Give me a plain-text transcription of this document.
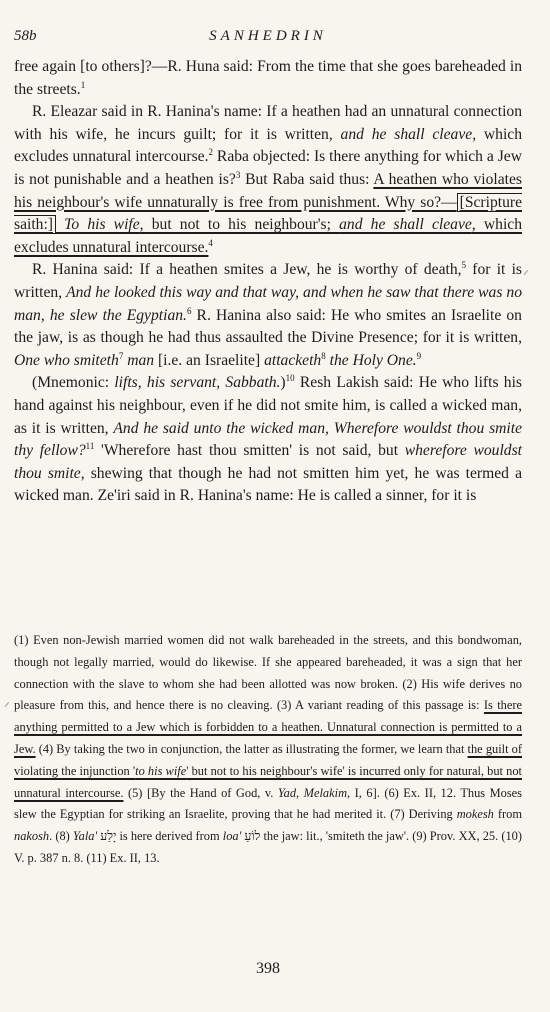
58b	SANHEDRIN

free again [to others]?—R. Huna said: From the time that she goes bareheaded in the streets.$^1$

R. Eleazar said in R. Hanina's name: If a heathen had an unnatural connection with his wife, he incurs guilt; for it is written, and he shall cleave, which excludes unnatural intercourse.$^2$ Raba objected: Is there anything for which a Jew is not punishable and a heathen is?$^3$ But Raba said thus: A heathen who violates his neighbour's wife unnaturally is free from punishment. Why so?— [Scripture saith:] To his wife, but not to his neighbour's; and he shall cleave, which excludes unnatural intercourse.$^4$

R. Hanina said: If a heathen smites a Jew, he is worthy of death,$^5$ for it is written, And he looked this way and that way, and when he saw that there was no man, he slew the Egyptian.$^6$ R. Hanina also said: He who smites an Israelite on the jaw, is as though he had thus assaulted the Divine Presence; for it is written, One who smiteth$^7$ man [i.e. an Israelite] attacketh$^8$ the Holy One.$^9$

(Mnemonic: lifts, his servant, Sabbath.)$^{10}$ Resh Lakish said: He who lifts his hand against his neighbour, even if he did not smite him, is called a wicked man, as it is written, And he said unto the wicked man, Wherefore wouldst thou smite thy fellow?$^{11}$ 'Wherefore hast thou smitten' is not said, but wherefore wouldst thou smite, shewing that though he had not smitten him yet, he was termed a wicked man. Ze'iri said in R. Hanina's name: He is called a sinner, for it is

(1) Even non-Jewish married women did not walk bareheaded in the streets, and this bondwoman, though not legally married, would do likewise. If she appeared bareheaded, it was a sign that her connection with the slave to whom she had been allotted was now broken. (2) His wife derives no pleasure from this, and hence there is no cleaving. (3) A variant reading of this passage is: Is there anything permitted to a Jew which is forbidden to a heathen. Unnatural connection is permitted to a Jew. (4) By taking the two in conjunction, the latter as illustrating the former, we learn that the guilt of violating the injunction 'to his wife' but not to his neighbour's wife' is incurred only for natural, but not unnatural intercourse. (5) [By the Hand of God, v. Yad, Melakim, I, 6]. (6) Ex. II, 12. Thus Moses slew the Egyptian for striking an Israelite, proving that he had merited it. (7) Deriving mokesh from nakosh. (8) Yala' יָלַע is here derived from loa' לוֹעַ the jaw: lit., 'smiteth the jaw'. (9) Prov. XX, 25. (10) V. p. 387 n. 8. (11) Ex. II, 13.

398
ᐟ
ᐟ
